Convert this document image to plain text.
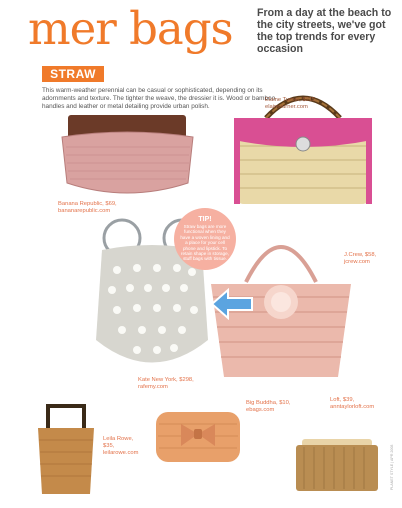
mer bags From a day at the beach to the city streets, we've got the top trends for every occasion
STRAW
This warm-weather perennial can be casual or sophisticated, depending on its adornments and texture. The tighter the weave, the dressier it is. Wood or bamboo handles and leather or metal detailing provide urban polish.
Banana Republic, $69, bananarepublic.com
Elaine Turner, $215, elaineturner.com
Kate New York, $298, rafemy.com
TIP!
Straw bags are more functional when they have a woven lining and a place for your cell phone and lipstick. To retain shape in storage, stuff bags with tissue.
J.Crew, $58, jcrew.com
Leila Rowe, $35, leilarowe.com
Big Buddha, $10, ebags.com
Loft, $39, anntaylorloft.com
PLANET STYLE | APR 2008
